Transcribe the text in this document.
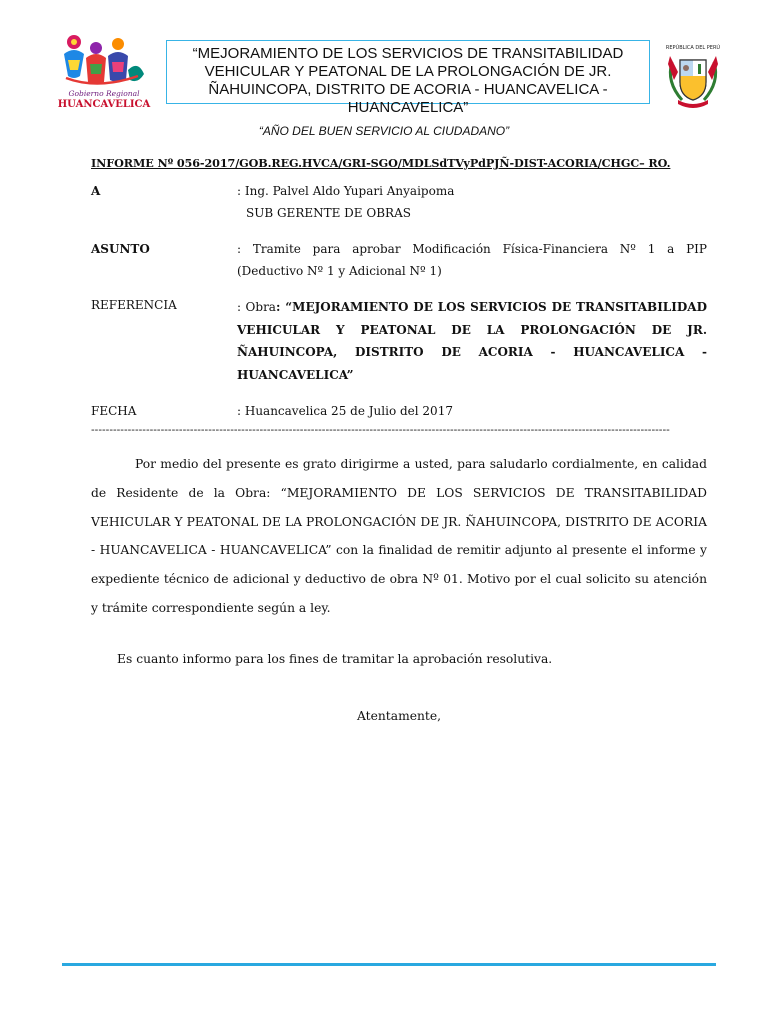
Gobierno Regional
HUANCAVELICA
“MEJORAMIENTO DE LOS SERVICIOS DE TRANSITABILIDAD VEHICULAR Y PEATONAL DE LA PROLONGACIÓN DE JR. ÑAHUINCOPA, DISTRITO DE ACORIA - HUANCAVELICA - HUANCAVELICA”
REPÚBLICA DEL PERÚ
“AÑO DEL BUEN SERVICIO AL CIUDADANO”
INFORME Nº 056-2017/GOB.REG.HVCA/GRI-SGO/MDLSdTVyPdPJÑ-DIST-ACORIA/CHGC– RO.
A	: Ing. Palvel Aldo Yupari Anyaipoma
SUB GERENTE DE OBRAS
ASUNTO	: Tramite para aprobar Modificación Física-Financiera Nº 1 a PIP
(Deductivo Nº 1 y Adicional Nº 1)
REFERENCIA	: Obra: “MEJORAMIENTO DE LOS SERVICIOS DE TRANSITABILIDAD VEHICULAR Y PEATONAL DE LA PROLONGACIÓN DE JR. ÑAHUINCOPA, DISTRITO DE ACORIA - HUANCAVELICA - HUANCAVELICA”
FECHA	: Huancavelica 25 de Julio del 2017
--------------------------------------------------------------------------------------------------------------------------------------------------------------
Por medio del presente es grato dirigirme a usted, para saludarlo cordialmente, en calidad de Residente de la Obra: “MEJORAMIENTO DE LOS SERVICIOS DE TRANSITABILIDAD VEHICULAR Y PEATONAL DE LA PROLONGACIÓN DE JR. ÑAHUINCOPA, DISTRITO DE ACORIA - HUANCAVELICA - HUANCAVELICA” con la finalidad de remitir adjunto al presente el informe y expediente técnico de adicional y deductivo de obra Nº 01. Motivo por el cual solicito su atención y trámite correspondiente según a ley.
Es cuanto informo para los fines de tramitar la aprobación resolutiva.
Atentamente,
